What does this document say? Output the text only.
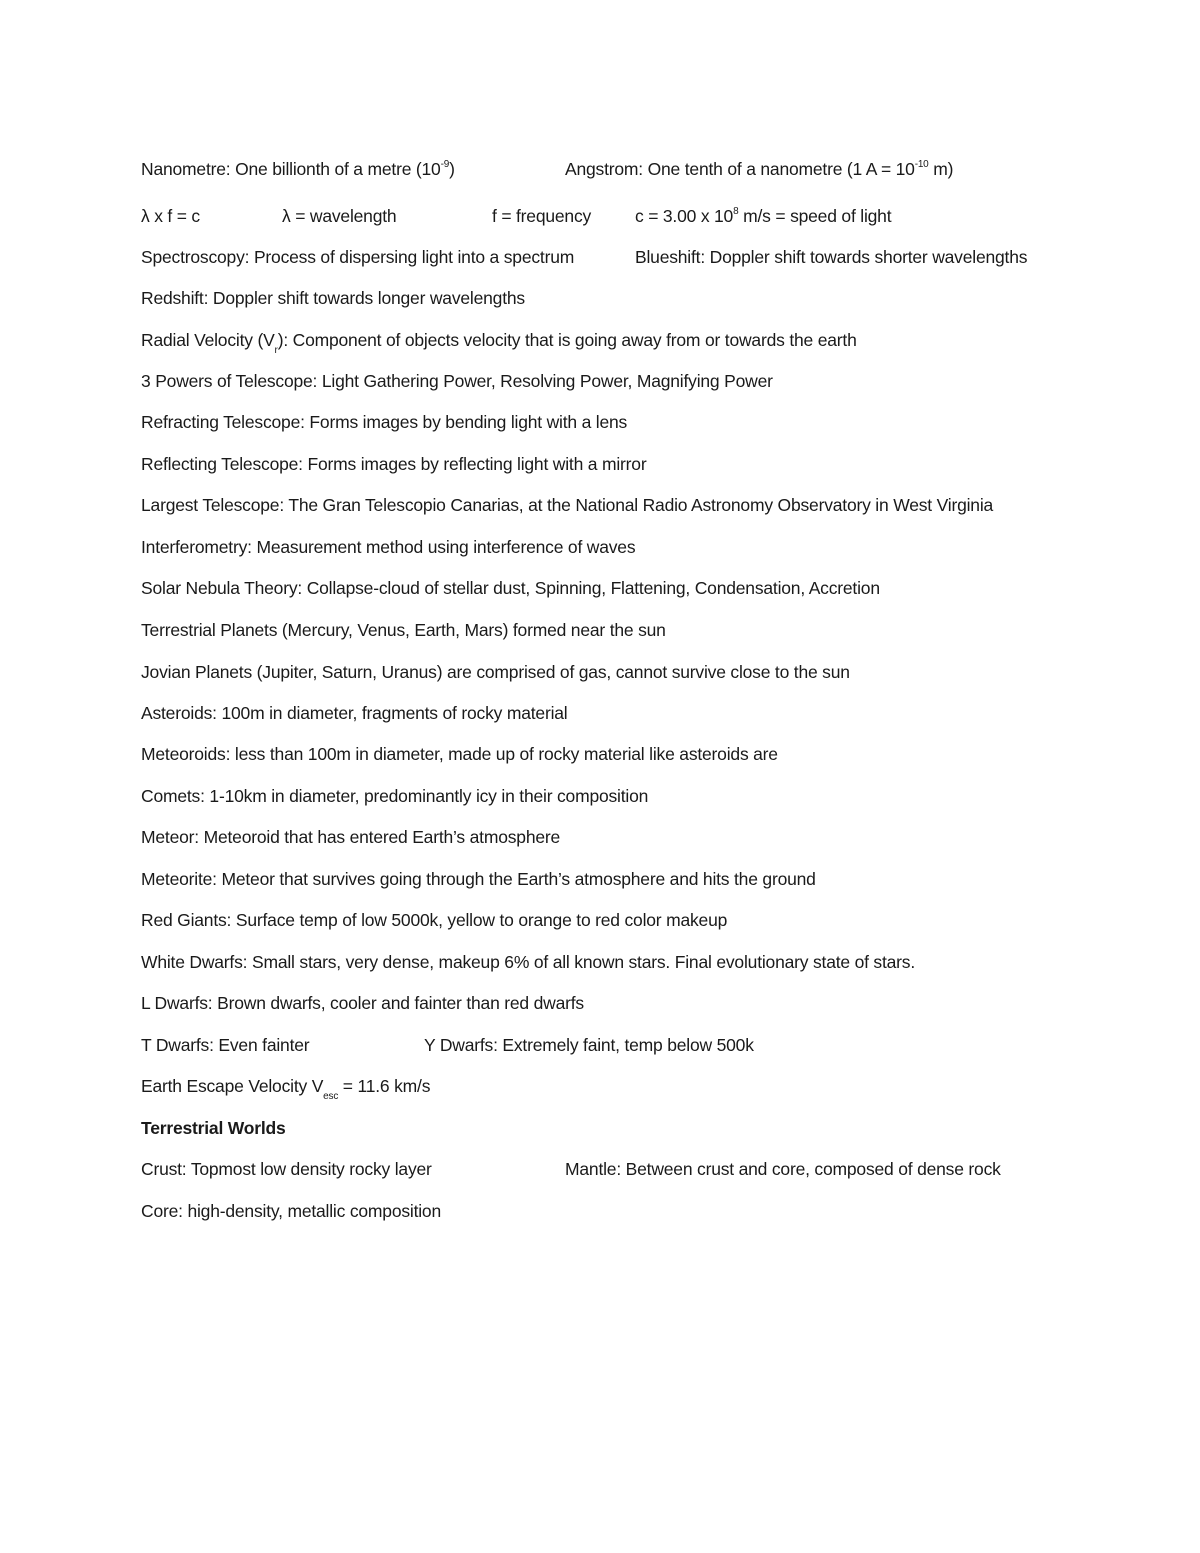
Nanometre: One billionth of a metre $(10^{-9})$	Angstrom: One tenth of a nanometre (1 $A = 10^{-10}$ m)
λ x f = c	λ = wavelength	f = frequency	c = 3.00 x $10^8$ m/s = speed of light
Spectroscopy: Process of dispersing light into a spectrum	Blueshift: Doppler shift towards shorter wavelengths
Redshift: Doppler shift towards longer wavelengths
Radial Velocity $(V_r)$: Component of objects velocity that is going away from or towards the earth
3 Powers of Telescope: Light Gathering Power, Resolving Power, Magnifying Power
Refracting Telescope: Forms images by bending light with a lens
Reflecting Telescope: Forms images by reflecting light with a mirror
Largest Telescope: The Gran Telescopio Canarias, at the National Radio Astronomy Observatory in West Virginia
Interferometry: Measurement method using interference of waves
Solar Nebula Theory: Collapse-cloud of stellar dust, Spinning, Flattening, Condensation, Accretion
Terrestrial Planets (Mercury, Venus, Earth, Mars) formed near the sun
Jovian Planets (Jupiter, Saturn, Uranus) are comprised of gas, cannot survive close to the sun
Asteroids: 100m in diameter, fragments of rocky material
Meteoroids: less than 100m in diameter, made up of rocky material like asteroids are
Comets: 1-10km in diameter, predominantly icy in their composition
Meteor: Meteoroid that has entered Earth’s atmosphere
Meteorite: Meteor that survives going through the Earth’s atmosphere and hits the ground
Red Giants: Surface temp of low 5000k, yellow to orange to red color makeup
White Dwarfs: Small stars, very dense, makeup 6% of all known stars. Final evolutionary state of stars.
L Dwarfs: Brown dwarfs, cooler and fainter than red dwarfs
T Dwarfs: Even fainter	Y Dwarfs: Extremely faint, temp below 500k
Earth Escape Velocity $V_{esc} = 11.6$ km/s
Terrestrial Worlds
Crust: Topmost low density rocky layer	Mantle: Between crust and core, composed of dense rock
Core: high-density, metallic composition
